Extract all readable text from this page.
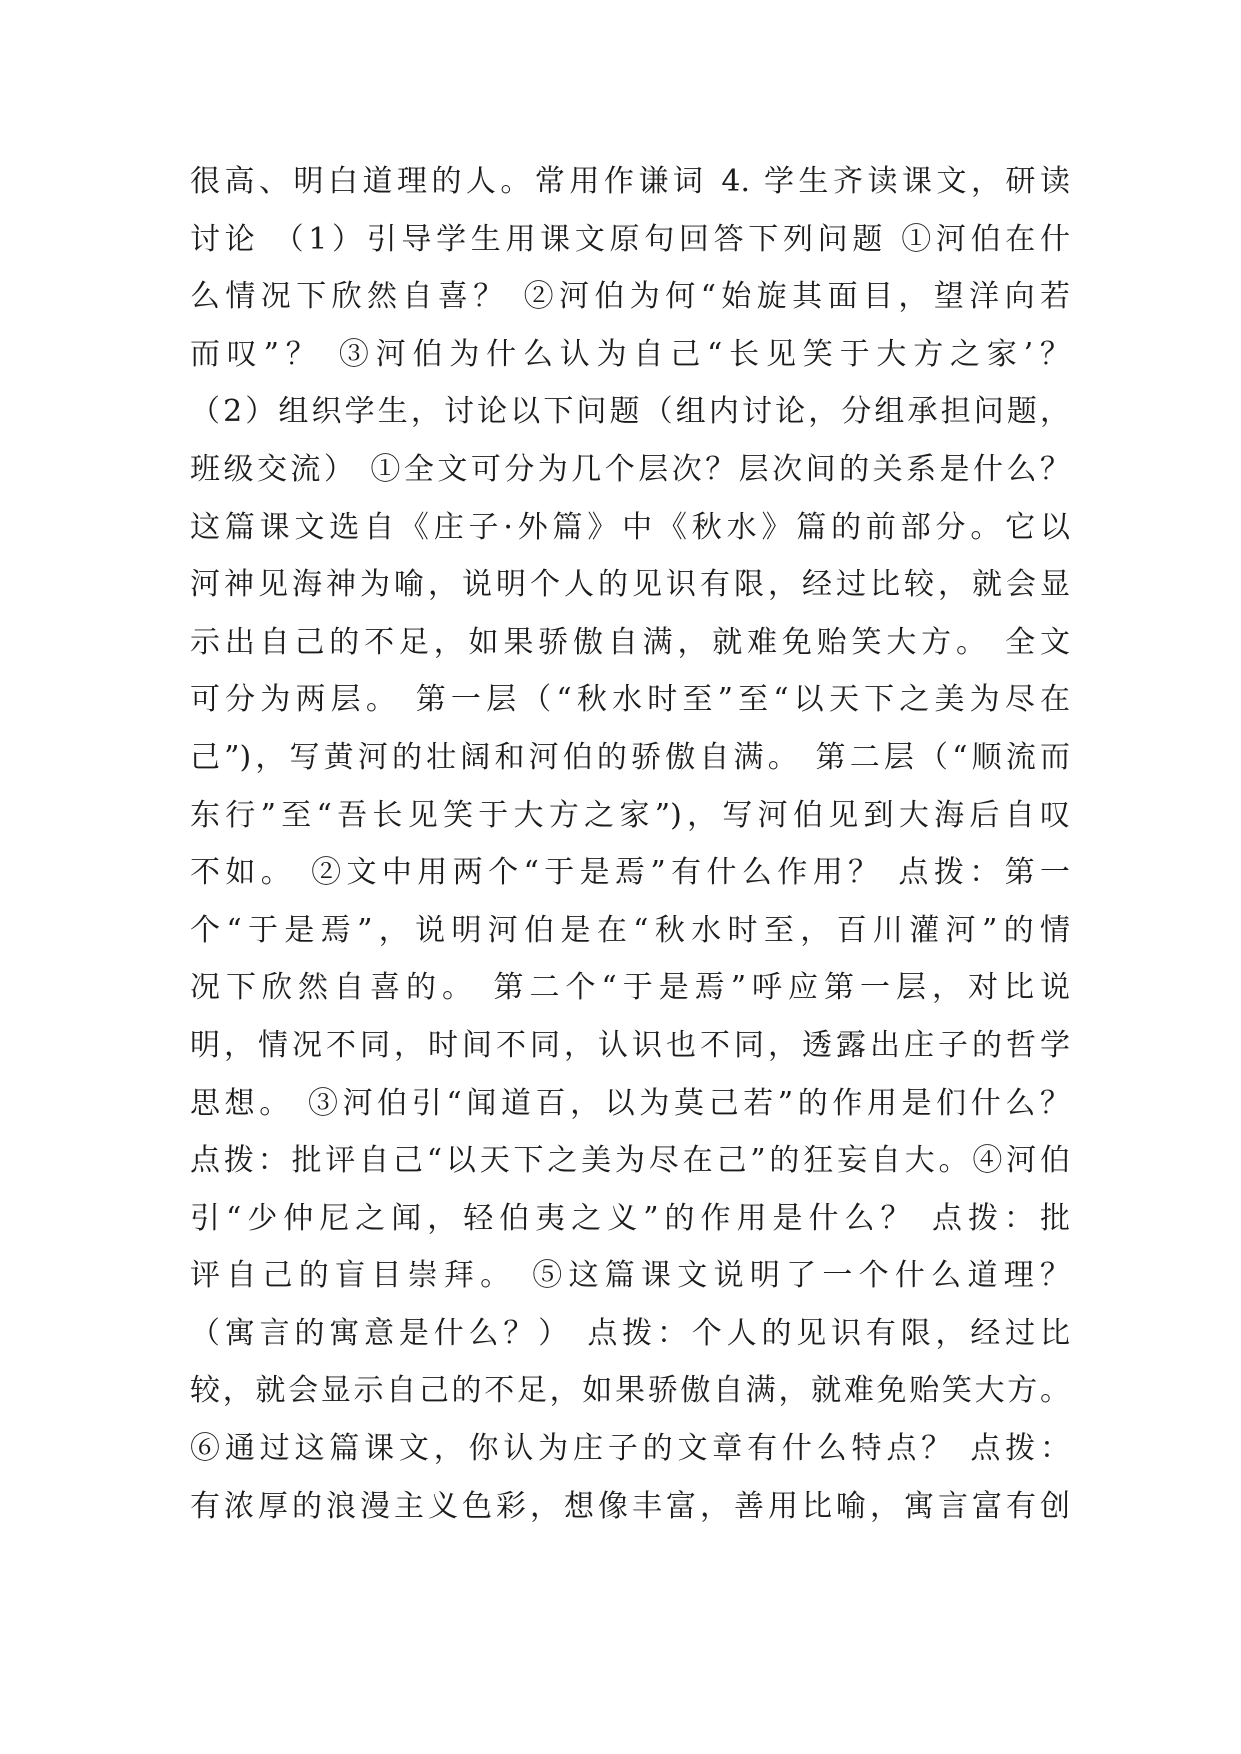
很高、明白道理的人。常用作谦词 4. 学生齐读课文，研读
讨论 （1）引导学生用课文原句回答下列问题 ①河伯在什
么情况下欣然自喜？ ②河伯为何“始旋其面目，望洋向若
而叹”？ ③河伯为什么认为自己“长见笑于大方之家’？
（2）组织学生，讨论以下问题（组内讨论，分组承担问题，
班级交流） ①全文可分为几个层次？层次间的关系是什么？
这篇课文选自《庄子·外篇》中《秋水》篇的前部分。它以
河神见海神为喻，说明个人的见识有限，经过比较，就会显
示出自己的不足，如果骄傲自满，就难免贻笑大方。 全文
可分为两层。 第一层（“秋水时至”至“以天下之美为尽在
己”)，写黄河的壮阔和河伯的骄傲自满。 第二层（“顺流而
东行”至“吾长见笑于大方之家”)，写河伯见到大海后自叹
不如。 ②文中用两个“于是焉”有什么作用？ 点拨：第一
个“于是焉”，说明河伯是在“秋水时至，百川灌河”的情
况下欣然自喜的。 第二个“于是焉”呼应第一层，对比说
明，情况不同，时间不同，认识也不同，透露出庄子的哲学
思想。 ③河伯引“闻道百，以为莫己若”的作用是们什么？
点拨：批评自己“以天下之美为尽在己”的狂妄自大。④河伯
引“少仲尼之闻，轻伯夷之义”的作用是什么？ 点拨：批
评自己的盲目崇拜。 ⑤这篇课文说明了一个什么道理？
（寓言的寓意是什么？） 点拨：个人的见识有限，经过比
较，就会显示自己的不足，如果骄傲自满，就难免贻笑大方。
⑥通过这篇课文，你认为庄子的文章有什么特点？ 点拨：
有浓厚的浪漫主义色彩，想像丰富，善用比喻，寓言富有创
